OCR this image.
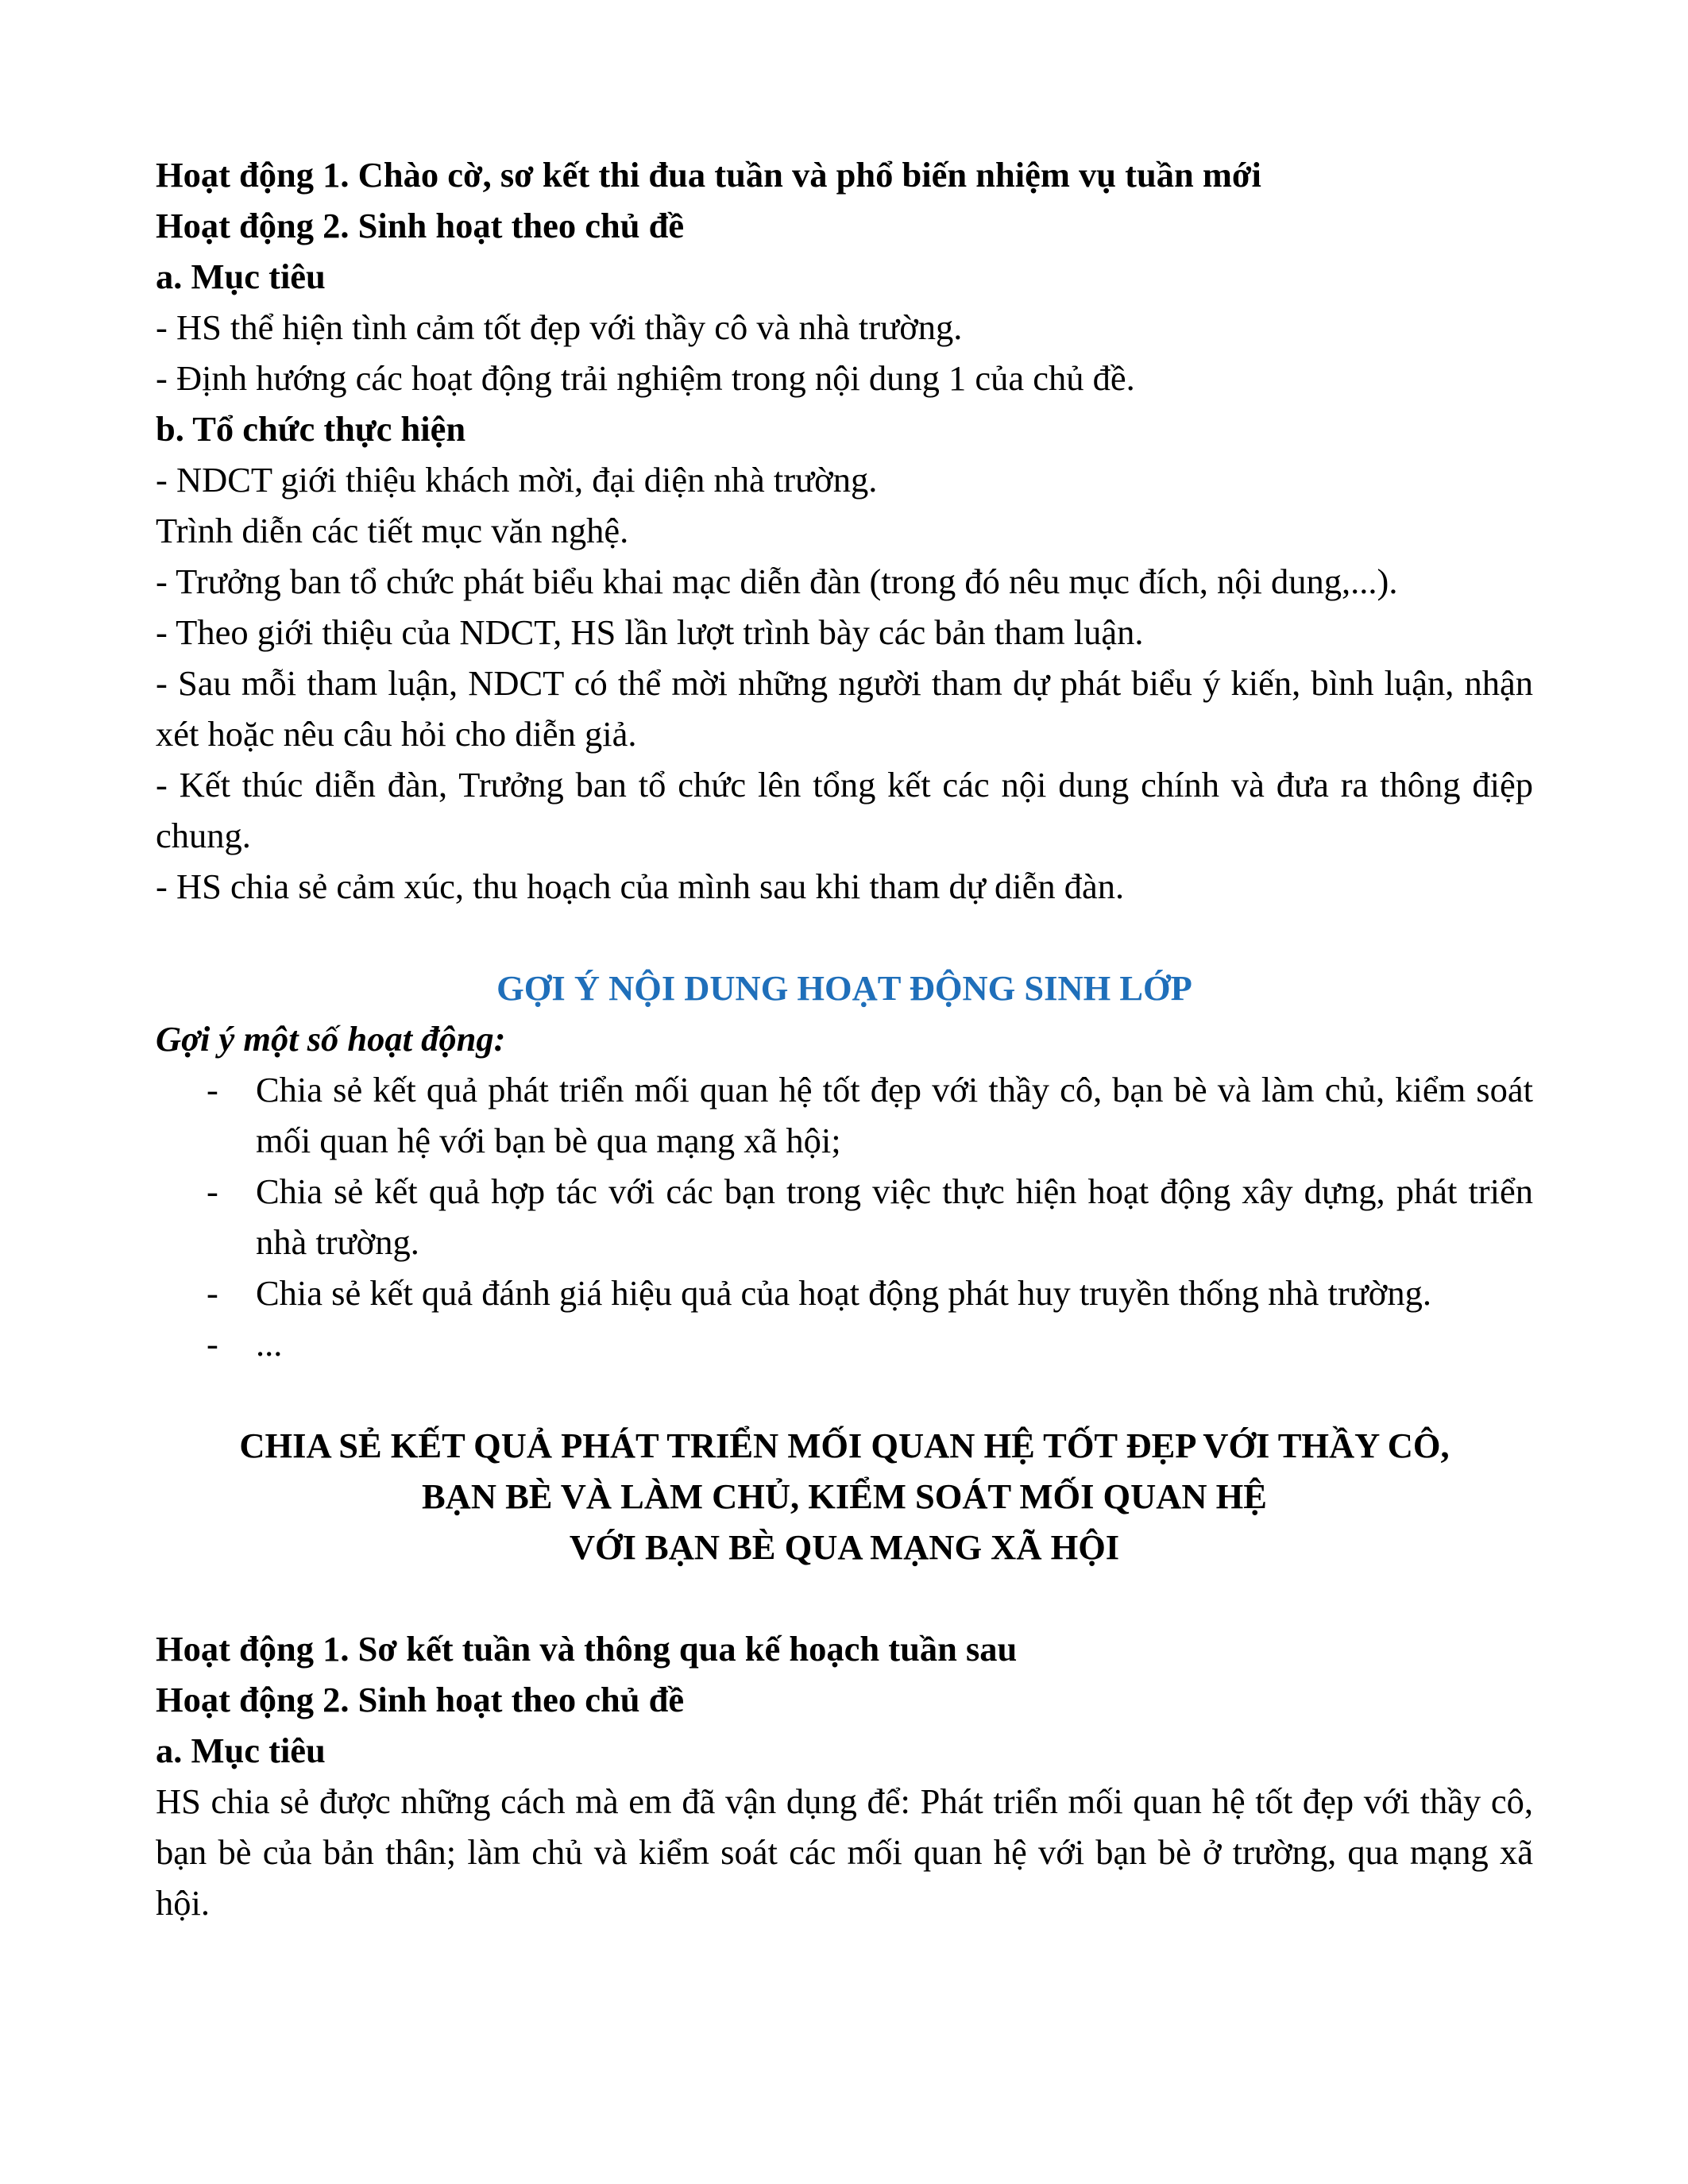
Hoạt động 1. Chào cờ, sơ kết thi đua tuần và phổ biến nhiệm vụ tuần mới

Hoạt động 2. Sinh hoạt theo chủ đề

a. Mục tiêu

- HS thể hiện tình cảm tốt đẹp với thầy cô và nhà trường.

- Định hướng các hoạt động trải nghiệm trong nội dung 1 của chủ đề.

b. Tổ chức thực hiện

- NDCT giới thiệu khách mời, đại diện nhà trường.

Trình diễn các tiết mục văn nghệ.

- Trưởng ban tổ chức phát biểu khai mạc diễn đàn (trong đó nêu mục đích, nội dung,...).

- Theo giới thiệu của NDCT, HS lần lượt trình bày các bản tham luận.

- Sau mỗi tham luận, NDCT có thể mời những người tham dự phát biểu ý kiến, bình luận, nhận xét hoặc nêu câu hỏi cho diễn giả.

- Kết thúc diễn đàn, Trưởng ban tổ chức lên tổng kết các nội dung chính và đưa ra thông điệp chung.

- HS chia sẻ cảm xúc, thu hoạch của mình sau khi tham dự diễn đàn.

GỢI Ý NỘI DUNG HOẠT ĐỘNG SINH LỚP

Gợi ý một số hoạt động:

- Chia sẻ kết quả phát triển mối quan hệ tốt đẹp với thầy cô, bạn bè và làm chủ, kiểm soát mối quan hệ với bạn bè qua mạng xã hội;
- Chia sẻ kết quả hợp tác với các bạn trong việc thực hiện hoạt động xây dựng, phát triển nhà trường.
- Chia sẻ kết quả đánh giá hiệu quả của hoạt động phát huy truyền thống nhà trường.
- ...

CHIA SẺ KẾT QUẢ PHÁT TRIỂN MỐI QUAN HỆ TỐT ĐẸP VỚI THẦY CÔ,

BẠN BÈ VÀ LÀM CHỦ, KIỂM SOÁT MỐI QUAN HỆ

VỚI BẠN BÈ QUA MẠNG XÃ HỘI

Hoạt động 1. Sơ kết tuần và thông qua kế hoạch tuần sau

Hoạt động 2. Sinh hoạt theo chủ đề

a. Mục tiêu

HS chia sẻ được những cách mà em đã vận dụng để: Phát triển mối quan hệ tốt đẹp với thầy cô, bạn bè của bản thân; làm chủ và kiểm soát các mối quan hệ với bạn bè ở trường, qua mạng xã hội.
